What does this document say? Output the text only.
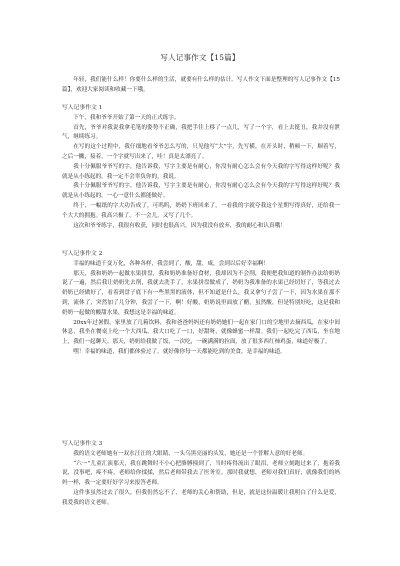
写人记事作文【15篇】

年轻，我们能什么样！你要什么样的生活，就要有什么样的估计。写人作文下面是整理的写人记事作文【15篇】，欢迎大家阅读和收藏一下哦。

写人记事作文 1

下午，我和爷爷开始了第一天的正式练字。

首先，爷爷对我说我拿毛笔的姿势不正确，我把手往上移了一点儿，写了一个字，看上去挺丑，我并没有泄气，继续练习。

在写的这个过程中，我仔细地看爷爷怎么写的，只见他写“大”字，先写横，在开头时，稍顿一下，顺着写，之后一撇，接着，一个字就写出来了，哇！真是太漂亮了。

我十分佩服爷爷写的字，他告诉我，写字主要是有耐心，你没有耐心怎么会有今天我的字写得这样好呢？我就是从小练起的。我一定不会辜负你的，我说。

我十分佩服爷爷写的字，他告诉我，写字主要是有耐心，你没有耐心怎么会有今天我的字写得这样好呢？我就是从小练起的。一心一意什么都能做好。

终于，一幅纸的字大功告成了，可呜呜，奶奶下班回来了，一看我的字就夸我这个星期写得真好，还给我一个大大的拥抱。我高兴极了，不一会儿，又写了几个。

这次和爷爷练字，我很有收获，同时也很高兴，因为我没有放弃，我的耐心和认真哦！

写人记事作文 2

幸福的味道千变万化，各种各样，我尝到了，酸，甜，咸，尝到以后好幸福啊！

那天，我和奶奶一起做水果拼盘，我和奶奶准备好食材，我却因为不会削，我便把我知道的制作办法给奶奶说了一遍，然后我让奶奶先去削，我就去洗手了，水果拼盘做成了，奶奶为我准备的水果已经切好了，等我过去奶奶已经做好了，看着到盘子底下有一些黑黑的液体，但不知道是什么，我又拿勺子尝了一下，因为水果在那不到，流体了，突然加了几分钟，我尝了一下，啊！好酸，奶奶说里面放了醋，虽然酸，但是特别好吃，这是我和奶奶一起做的酸甜水果，我想这是幸福的味道。

20xx年过暑假，家里放了几箱饮料，我和爸爸妈妈还有奶奶她们一起在家门口的空地里去摘西瓜，在家中间休息，我坐在餐桌上吃一个大西瓜，我大口吃了一口，好甜呀，就像蜂蜜一样甜。我们一起吃完了西瓜，坐在地上，我们一起聊天。那天，奶奶给我做了饭，一次吃，一碗满满的拉面，放了很多西红柿鸡蛋，味道好极了。

嘿！幸福的味道，我们都体验过了，就好像你每一天都能吃到的美食，是幸福的味道。

写人记事作文 3

我的语文老师她有一双水汪汪的大眼睛，一头乌黑亮丽的头发，她还是一个普解人意的好老师。

“六一”儿童汇演那天，我在跳舞时不小心把胳膊撞到了，当时疼得流出了眼泪，老师立刻跑过来了，抱着我说，没事吧，疼不疼，老师给你揉揉，然后老师带我去了医务室。那时我就想，老师对我们真好，就像我们的妈妈一样，我一定要好好学习来报答老师。

这件事虽然过去了很久，但我仍然忘不了，老师的关心和帮助，但是，就是这份温暖让我明白了什么是爱，我爱我的语文老师。
